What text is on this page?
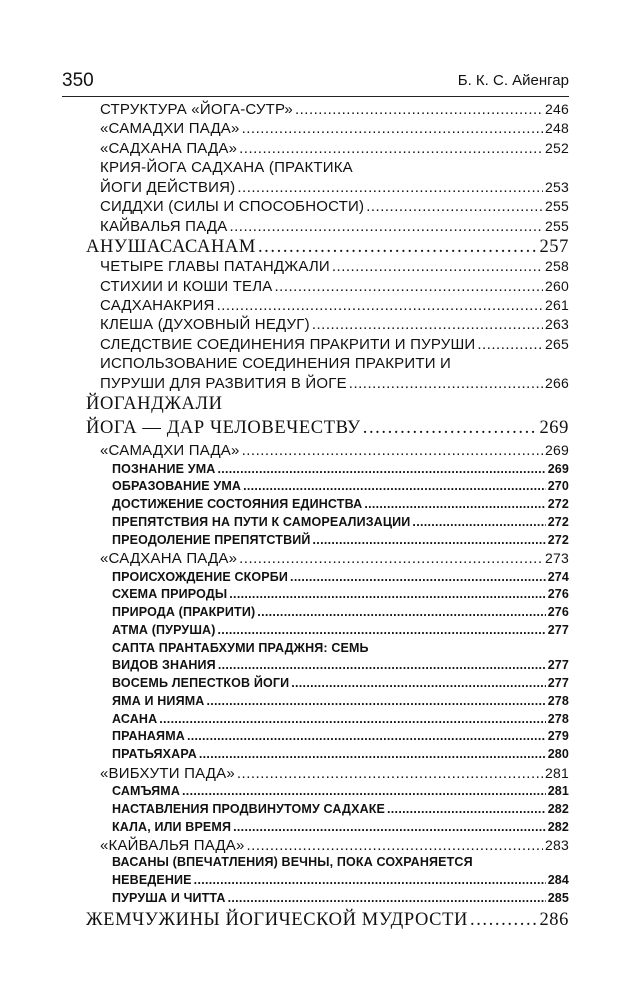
350	Б. К. С. Айенгар
СТРУКТУРА «ЙОГА-СУТР» .....	246
«САМАДХИ ПАДА» .....	248
«САДХАНА ПАДА» .....	252
КРИЯ-ЙОГА САДХАНА (ПРАКТИКА
ЙОГИ ДЕЙСТВИЯ) .....	253
СИДДХИ (СИЛЫ И СПОСОБНОСТИ) .....	255
КАЙВАЛЬЯ ПАДА .....	255
АНУШАСАСАНАМ .....	257
ЧЕТЫРЕ ГЛАВЫ ПАТАНДЖАЛИ .....	258
СТИХИИ И КОШИ ТЕЛА .....	260
САДХАНАКРИЯ .....	261
КЛЕША (ДУХОВНЫЙ НЕДУГ) .....	263
СЛЕДСТВИЕ СОЕДИНЕНИЯ ПРАКРИТИ И ПУРУШИ .....	265
ИСПОЛЬЗОВАНИЕ СОЕДИНЕНИЯ ПРАКРИТИ И
ПУРУШИ ДЛЯ РАЗВИТИЯ В ЙОГЕ .....	266
ЙОГАНДЖАЛИ
ЙОГА — ДАР ЧЕЛОВЕЧЕСТВУ .....	269
«САМАДХИ ПАДА» .....	269
ПОЗНАНИЕ УМА .....	269
ОБРАЗОВАНИЕ УМА .....	270
ДОСТИЖЕНИЕ СОСТОЯНИЯ ЕДИНСТВА .....	272
ПРЕПЯТСТВИЯ НА ПУТИ К САМОРЕАЛИЗАЦИИ .....	272
ПРЕОДОЛЕНИЕ ПРЕПЯТСТВИЙ .....	272
«САДХАНА ПАДА» .....	273
ПРОИСХОЖДЕНИЕ СКОРБИ .....	274
СХЕМА ПРИРОДЫ .....	276
ПРИРОДА (ПРАКРИТИ) .....	276
АТМА (ПУРУША) .....	277
САПТА ПРАНТАБХУМИ ПРАДЖНЯ: СЕМЬ
ВИДОВ ЗНАНИЯ .....	277
ВОСЕМЬ ЛЕПЕСТКОВ ЙОГИ .....	277
ЯМА И НИЯМА .....	278
АСАНА .....	278
ПРАНАЯМА .....	279
ПРАТЬЯХАРА .....	280
«ВИБХУТИ ПАДА» .....	281
САМЪЯМА .....	281
НАСТАВЛЕНИЯ ПРОДВИНУТОМУ САДХАКЕ .....	282
КАЛА, ИЛИ ВРЕМЯ .....	282
«КАЙВАЛЬЯ ПАДА» .....	283
ВАСАНЫ (ВПЕЧАТЛЕНИЯ) ВЕЧНЫ, ПОКА СОХРАНЯЕТСЯ
НЕВЕДЕНИЕ .....	284
ПУРУША И ЧИТТА .....	285
ЖЕМЧУЖИНЫ ЙОГИЧЕСКОЙ МУДРОСТИ .....	286
